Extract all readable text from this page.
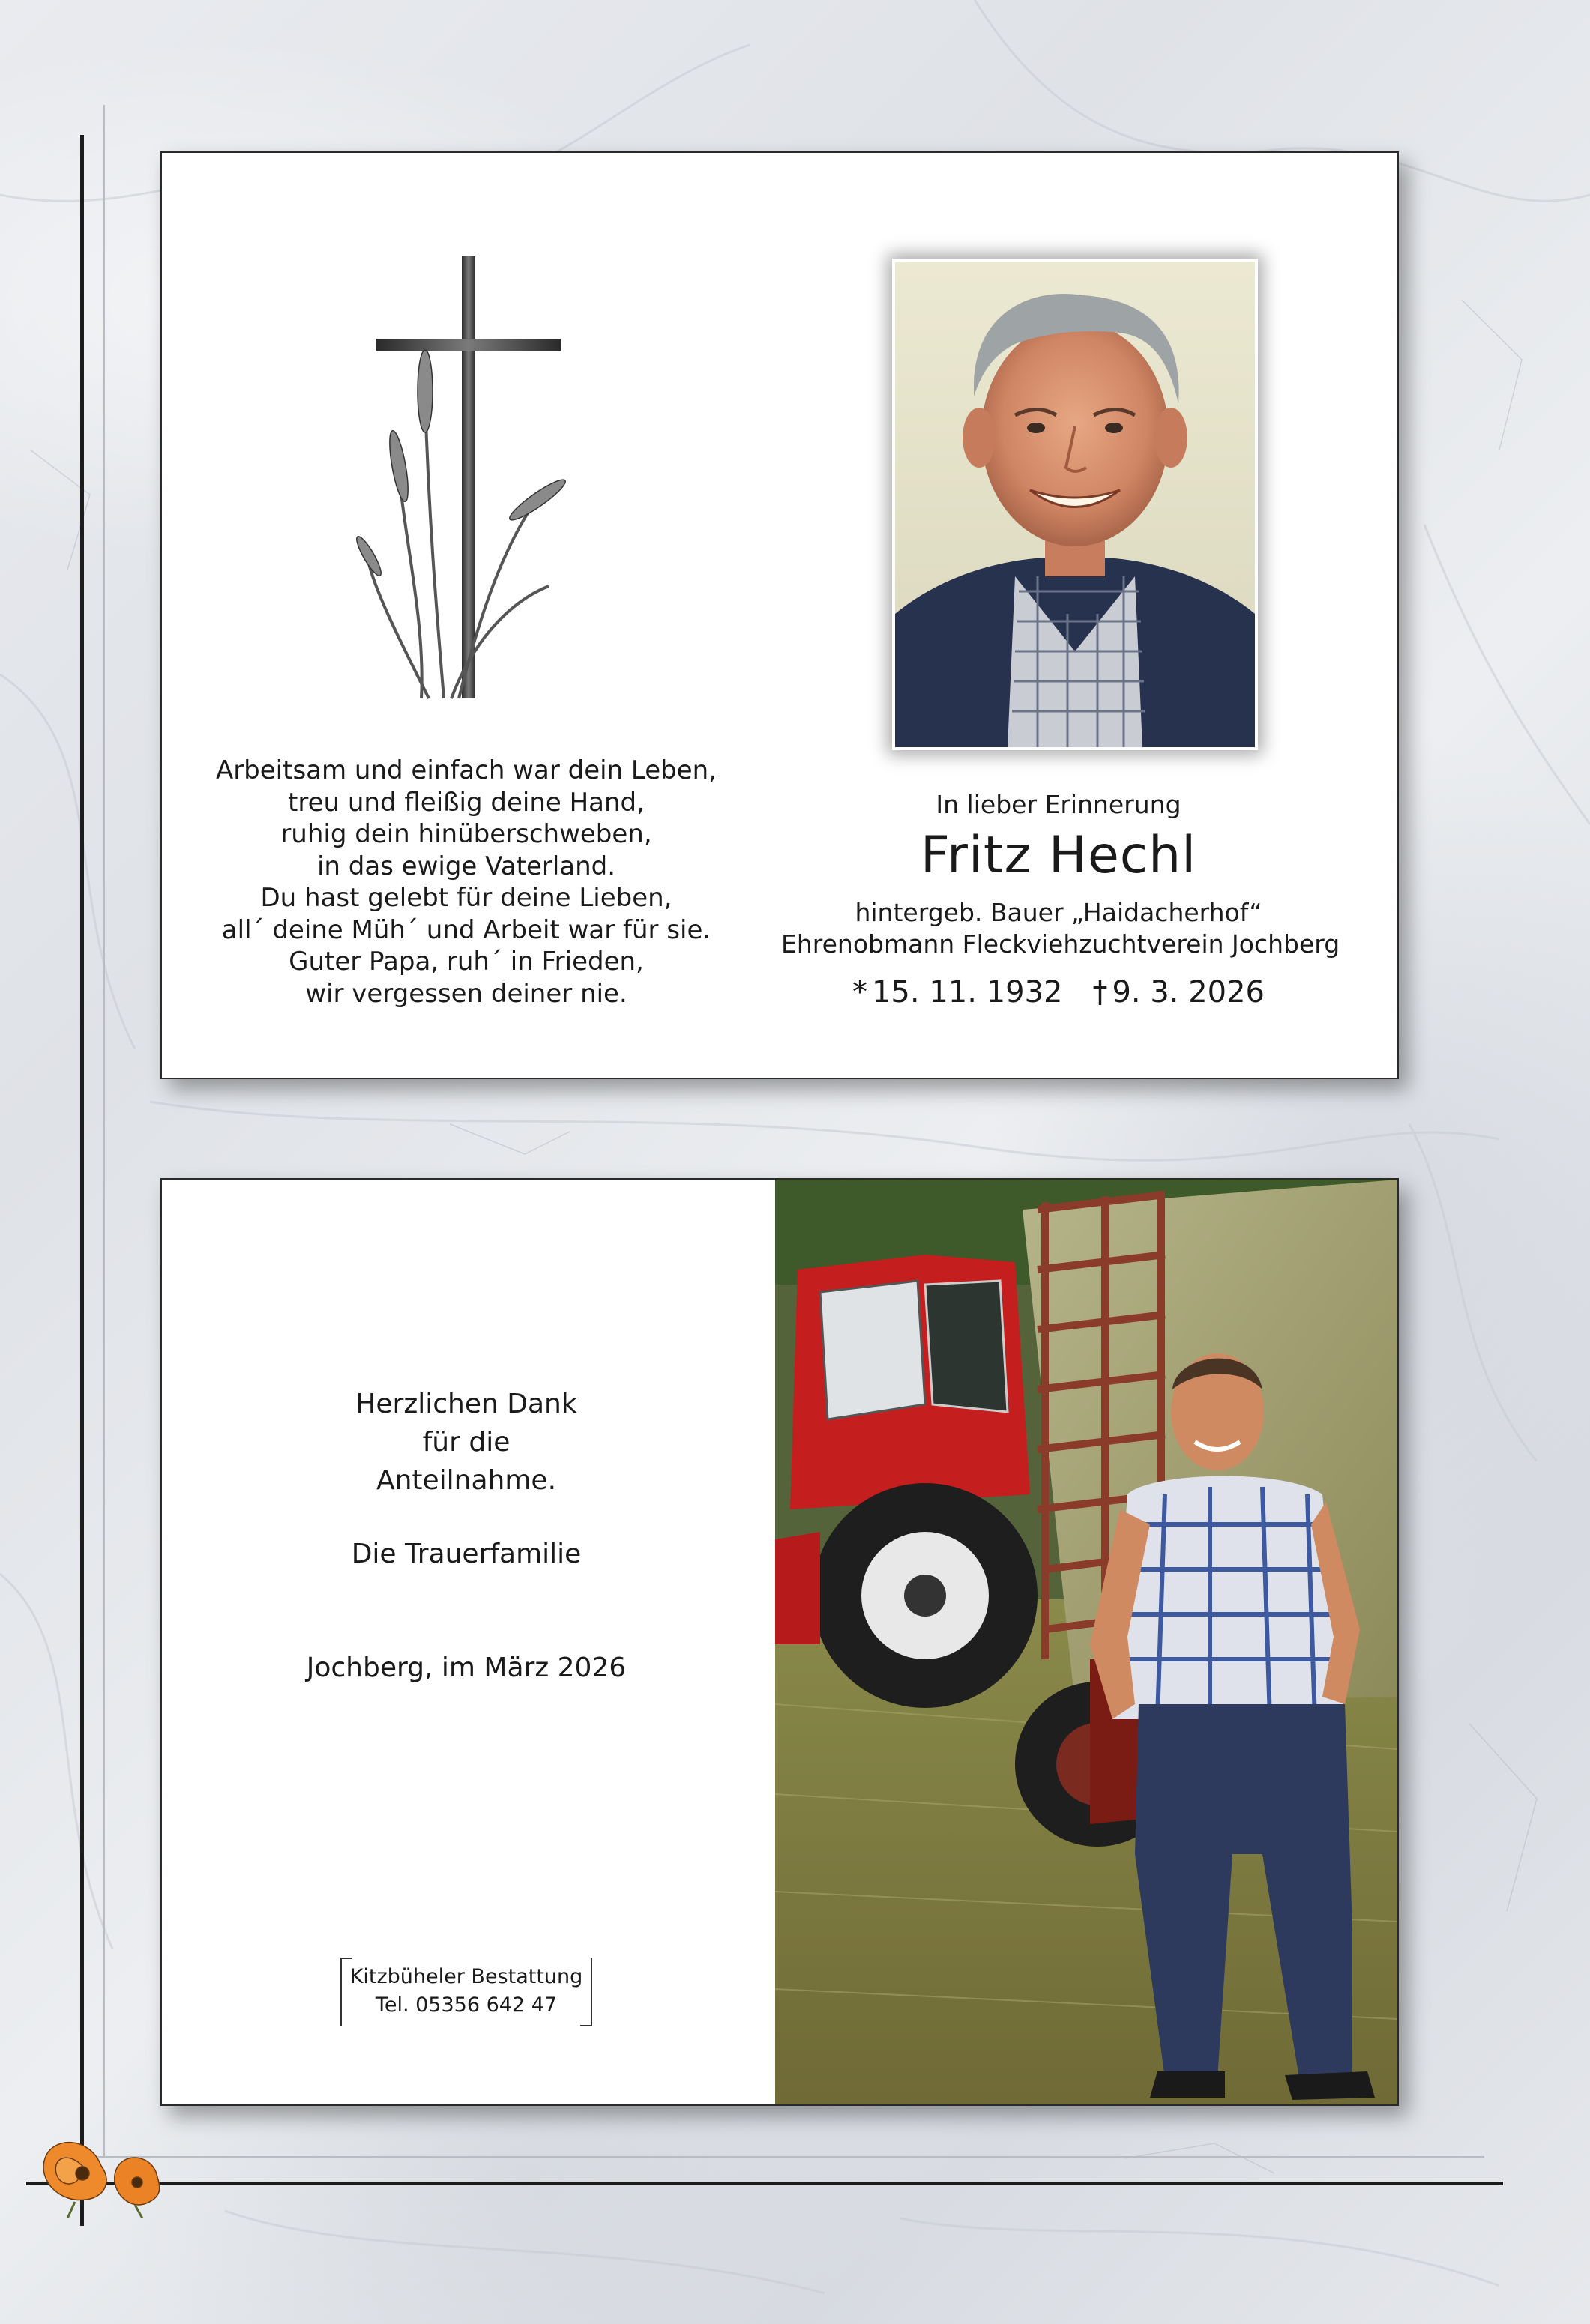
Arbeitsam und einfach war dein Leben,
treu und fleißig deine Hand,
ruhig dein hinüberschweben,
in das ewige Vaterland.
Du hast gelebt für deine Lieben,
all´ deine Müh´ und Arbeit war für sie.
Guter Papa, ruh´ in Frieden,
wir vergessen deiner nie.
In lieber Erinnerung
Fritz Hechl
hintergeb. Bauer „Haidacherhof“
Ehrenobmann Fleckviehzuchtverein Jochberg
* 15. 11. 1932 † 9. 3. 2026
Herzlichen Dank
für die
Anteilnahme.
Die Trauerfamilie
Jochberg, im März 2026
Kitzbüheler Bestattung
Tel. 05356 642 47
